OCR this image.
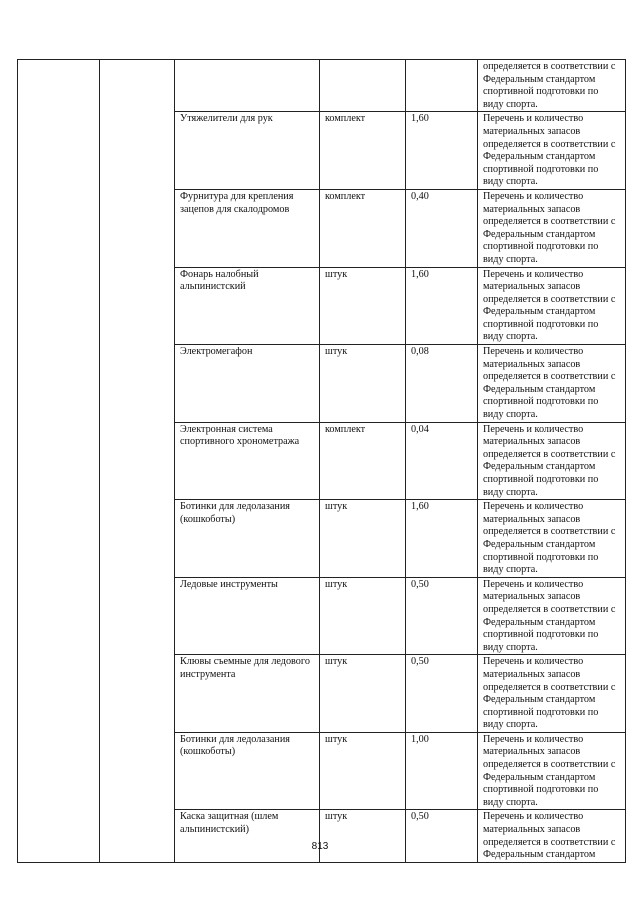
					определяется в соответствии с Федеральным стандартом спортивной подготовки по виду спорта.
		Утяжелители для рук	комплект	1,60	Перечень и количество материальных запасов определяется в соответствии с Федеральным стандартом спортивной подготовки по виду спорта.
		Фурнитура для крепления зацепов для скалодромов	комплект	0,40	Перечень и количество материальных запасов определяется в соответствии с Федеральным стандартом спортивной подготовки по виду спорта.
		Фонарь налобный альпинистский	штук	1,60	Перечень и количество материальных запасов определяется в соответствии с Федеральным стандартом спортивной подготовки по виду спорта.
		Электромегафон	штук	0,08	Перечень и количество материальных запасов определяется в соответствии с Федеральным стандартом спортивной подготовки по виду спорта.
		Электронная система спортивного хронометража	комплект	0,04	Перечень и количество материальных запасов определяется в соответствии с Федеральным стандартом спортивной подготовки по виду спорта.
		Ботинки для ледолазания (кошкоботы)	штук	1,60	Перечень и количество материальных запасов определяется в соответствии с Федеральным стандартом спортивной подготовки по виду спорта.
		Ледовые инструменты	штук	0,50	Перечень и количество материальных запасов определяется в соответствии с Федеральным стандартом спортивной подготовки по виду спорта.
		Клювы съемные для ледового инструмента	штук	0,50	Перечень и количество материальных запасов определяется в соответствии с Федеральным стандартом спортивной подготовки по виду спорта.
		Ботинки для ледолазания (кошкоботы)	штук	1,00	Перечень и количество материальных запасов определяется в соответствии с Федеральным стандартом спортивной подготовки по виду спорта.
		Каска защитная (шлем альпинистский)	штук	0,50	Перечень и количество материальных запасов определяется в соответствии с Федеральным стандартом
813
